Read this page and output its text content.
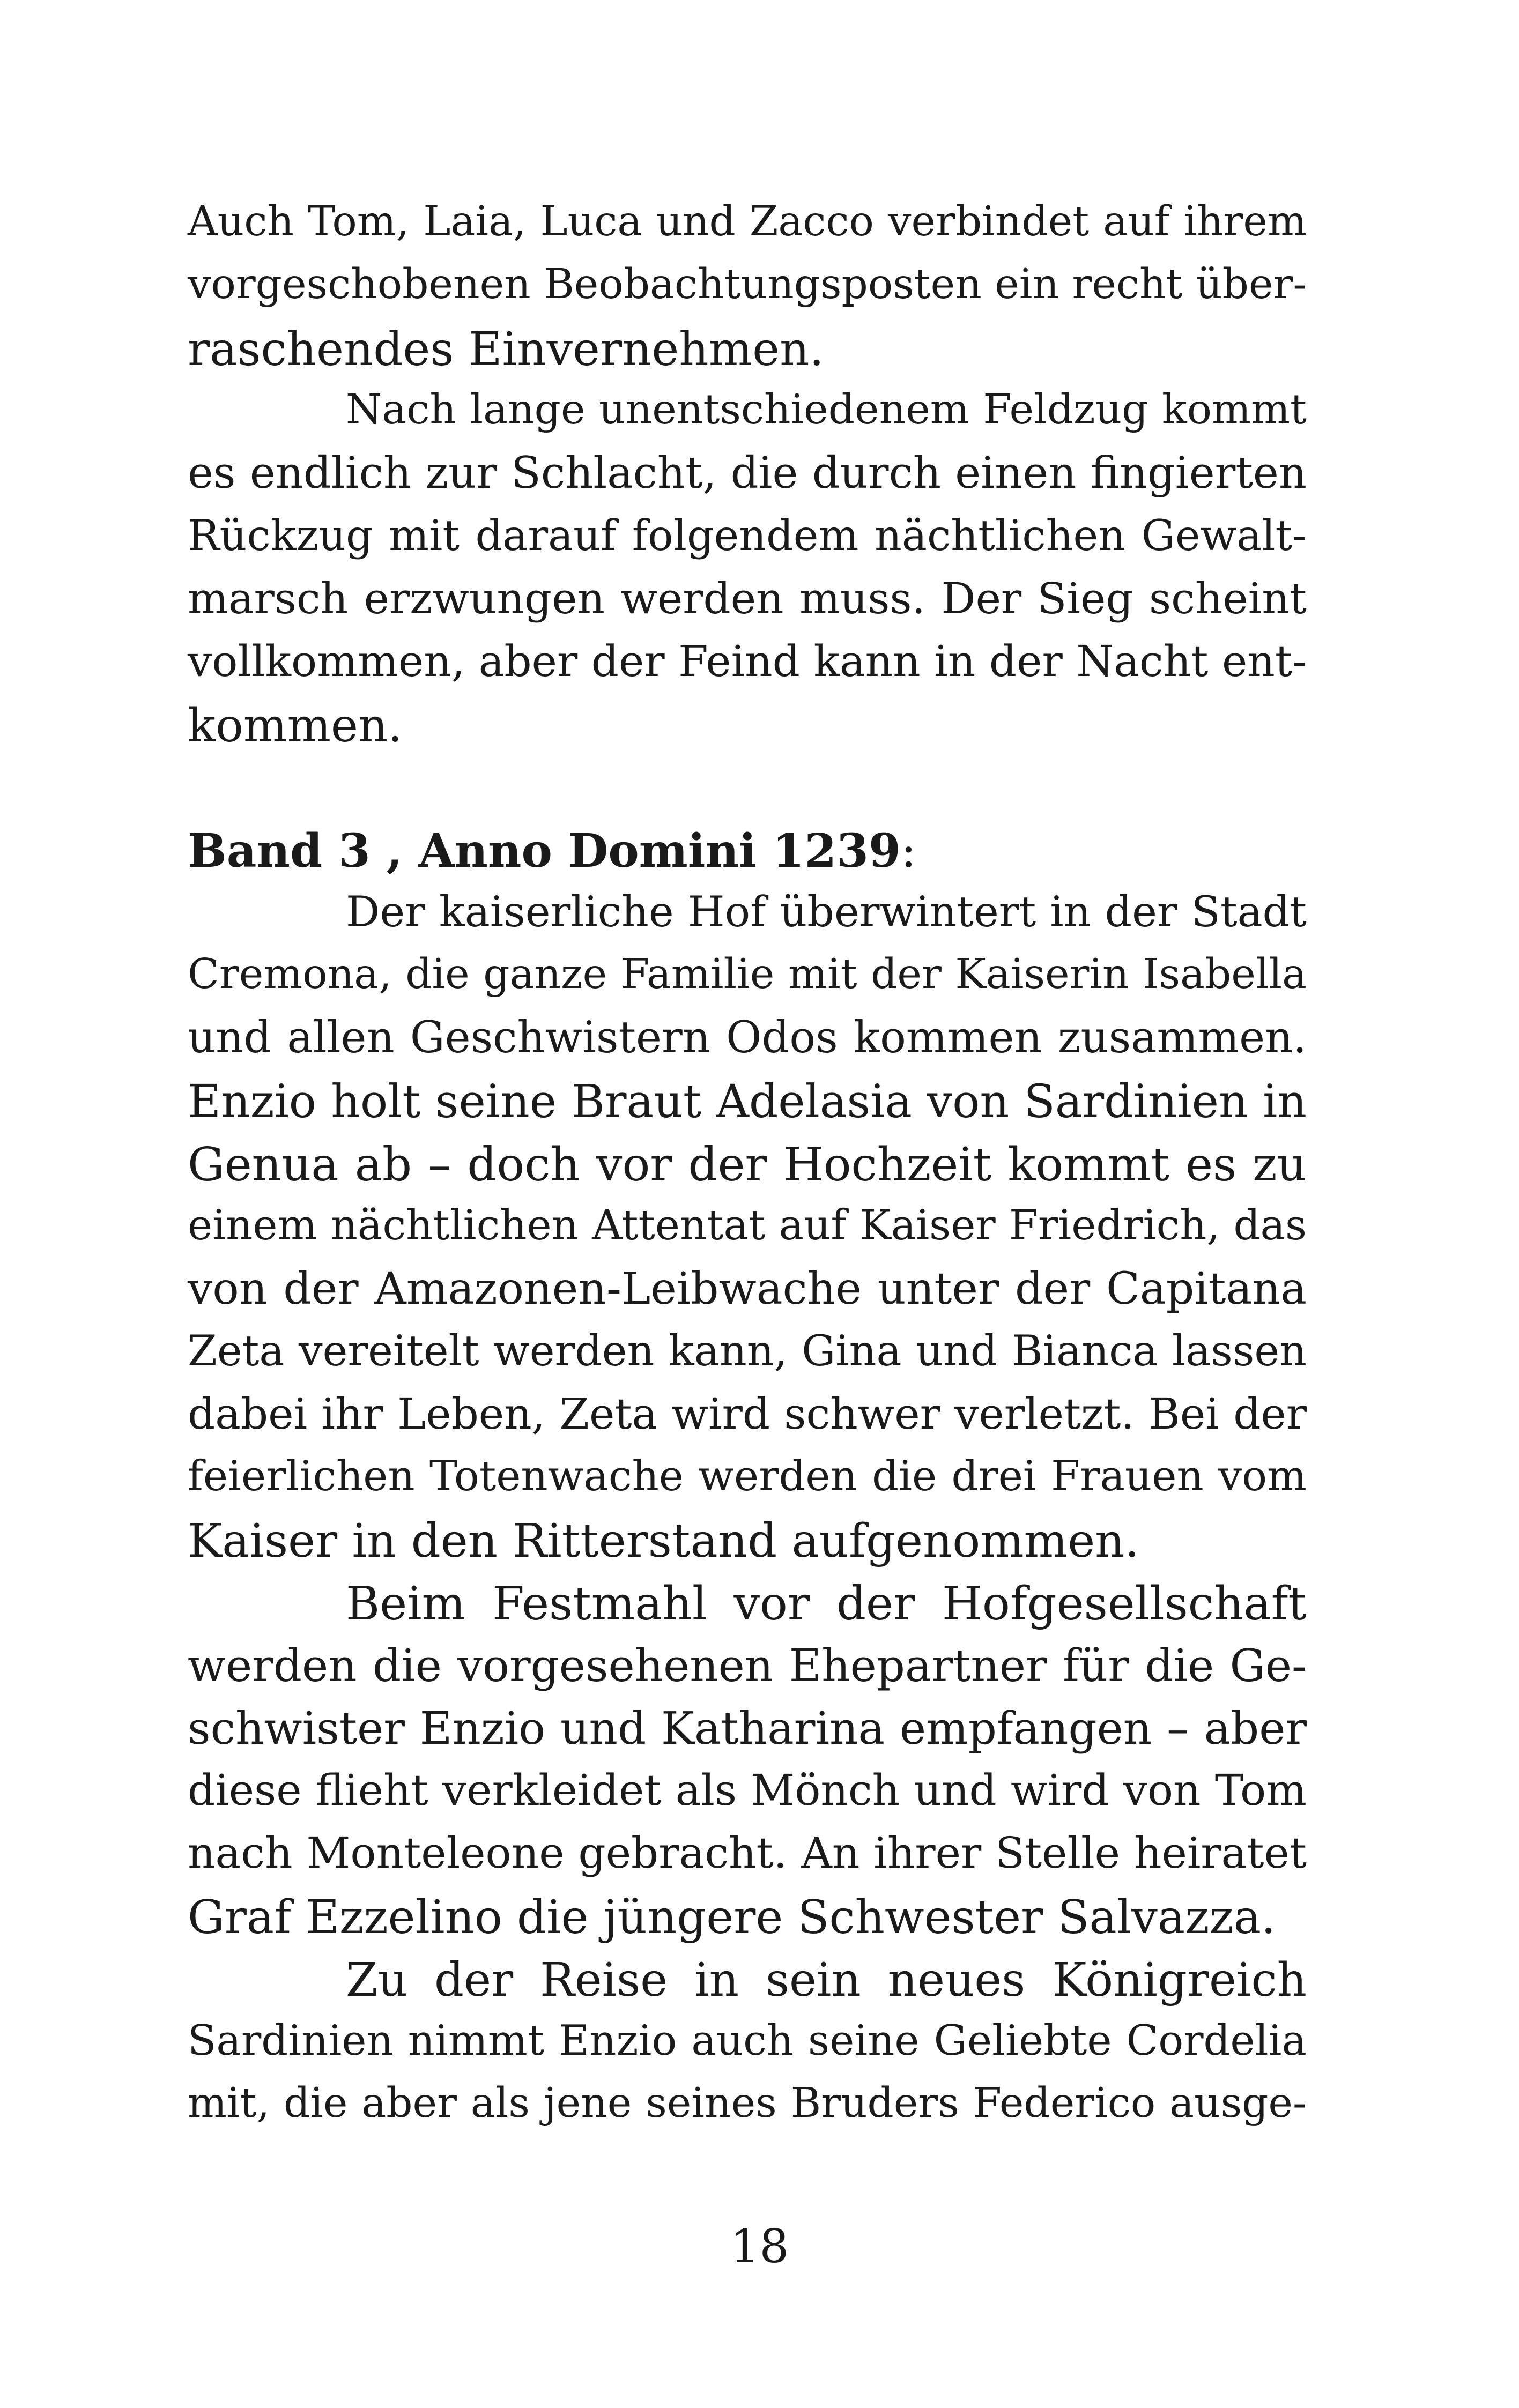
Auch Tom, Laia, Luca und Zacco verbindet auf ihrem
vorgeschobenen Beobachtungsposten ein recht über-
raschendes Einvernehmen.
Nach lange unentschiedenem Feldzug kommt
es endlich zur Schlacht, die durch einen fingierten
Rückzug mit darauf folgendem nächtlichen Gewalt-
marsch erzwungen werden muss. Der Sieg scheint
vollkommen, aber der Feind kann in der Nacht ent-
kommen.
Band 3 , Anno Domini 1239:
Der kaiserliche Hof überwintert in der Stadt
Cremona, die ganze Familie mit der Kaiserin Isabella
und allen Geschwistern Odos kommen zusammen.
Enzio holt seine Braut Adelasia von Sardinien in
Genua ab – doch vor der Hochzeit kommt es zu
einem nächtlichen Attentat auf Kaiser Friedrich, das
von der Amazonen-Leibwache unter der Capitana
Zeta vereitelt werden kann, Gina und Bianca lassen
dabei ihr Leben, Zeta wird schwer verletzt. Bei der
feierlichen Totenwache werden die drei Frauen vom
Kaiser in den Ritterstand aufgenommen.
Beim Festmahl vor der Hofgesellschaft
werden die vorgesehenen Ehepartner für die Ge-
schwister Enzio und Katharina empfangen – aber
diese flieht verkleidet als Mönch und wird von Tom
nach Monteleone gebracht. An ihrer Stelle heiratet
Graf Ezzelino die jüngere Schwester Salvazza.
Zu der Reise in sein neues Königreich
Sardinien nimmt Enzio auch seine Geliebte Cordelia
mit, die aber als jene seines Bruders Federico ausge-
18
